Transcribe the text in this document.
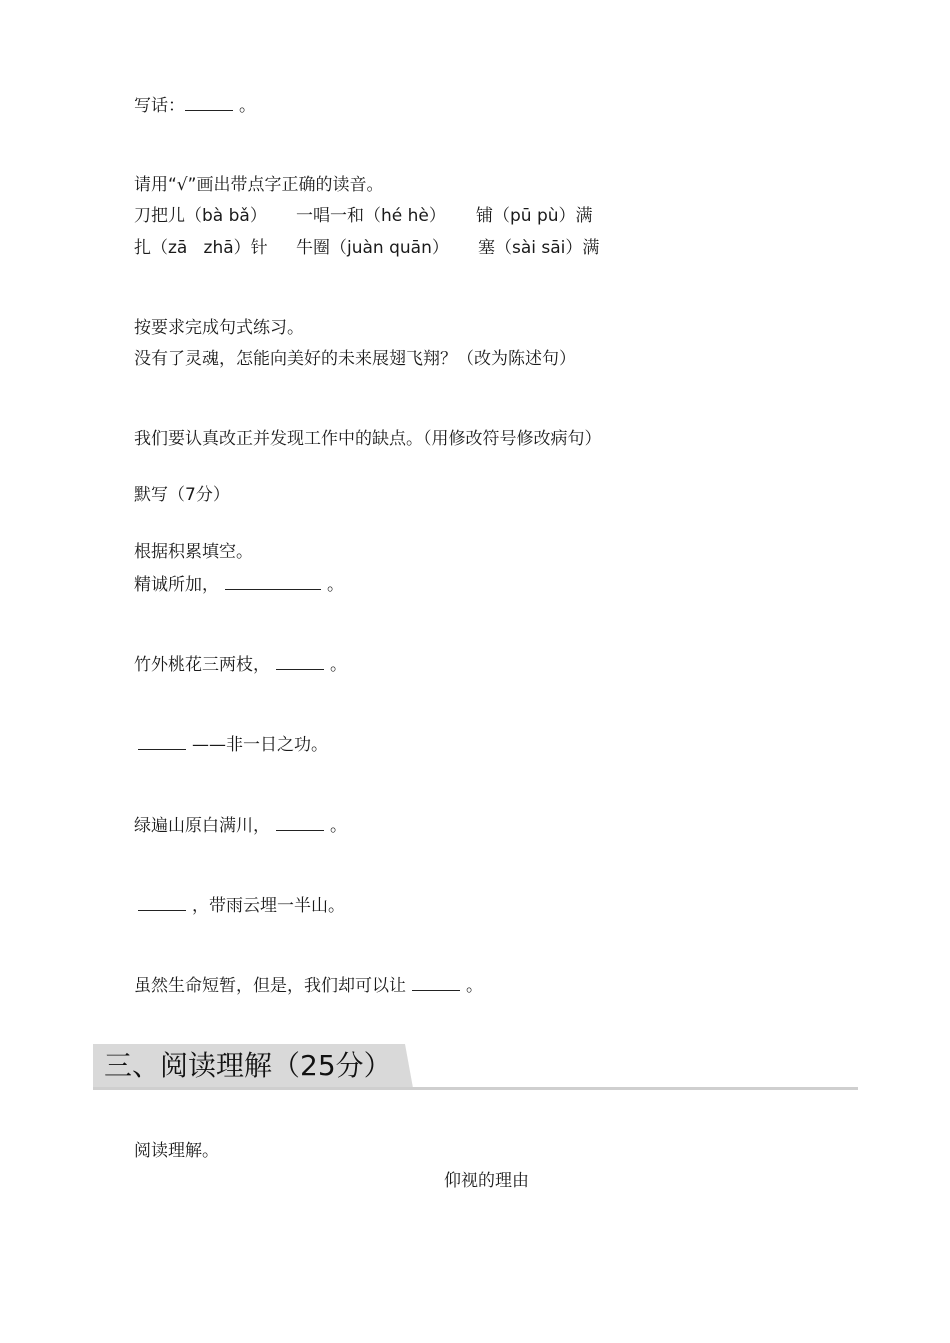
写话：	。
请用“√”画出带点字正确的读音。
刀把儿（bà bǎ） 一唱一和（hé hè） 铺（pū pù）满
扎（zā   zhā）针 牛圈（juàn quān） 塞（sài sāi）满
按要求完成句式练习。
没有了灵魂，怎能向美好的未来展翅飞翔？（改为陈述句）
我们要认真改正并发现工作中的缺点。（用修改符号修改病句）
默写（7分）
根据积累填空。
精诚所加，	。
竹外桃花三两枝，	。
——非一日之功。
绿遍山原白满川，	。
，带雨云埋一半山。
虽然生命短暂，但是，我们却可以让	。
三、阅读理解（25分）
阅读理解。
仰视的理由
